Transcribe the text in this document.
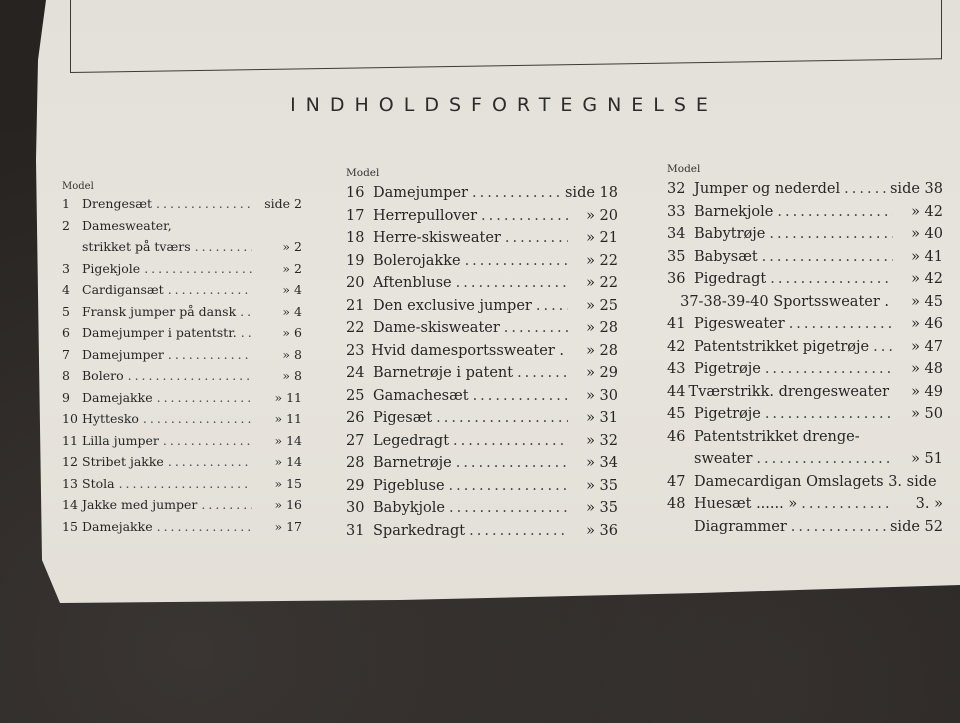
INDHOLDSFORTEGNELSE
Model
1 Drengesæt .....	side 2
2 Damesweater,
strikket på tværs .....	» 2
3 Pigekjole .....	» 2
4 Cardigansæt .....	» 4
5 Fransk jumper på dansk .....	» 4
6 Damejumper i patentstr. .....	» 6
7 Damejumper .....	» 8
8 Bolero .....	» 8
9 Damejakke .....	» 11
10 Hyttesko .....	» 11
11 Lilla jumper .....	» 14
12 Stribet jakke .....	» 14
13 Stola .....	» 15
14 Jakke med jumper .....	» 16
15 Damejakke .....	» 17
Model
16 Damejumper .....	side 18
17 Herrepullover .....	» 20
18 Herre-skisweater .....	» 21
19 Bolerojakke .....	» 22
20 Aftenbluse .....	» 22
21 Den exclusive jumper .....	» 25
22 Dame-skisweater .....	» 28
23 Hvid damesportssweater .	» 28
24 Barnetrøje i patent .....	» 29
25 Gamachesæt .....	» 30
26 Pigesæt .....	» 31
27 Legedragt .....	» 32
28 Barnetrøje .....	» 34
29 Pigebluse .....	» 35
30 Babykjole .....	» 35
31 Sparkedragt .....	» 36
Model
32 Jumper og nederdel .....	side 38
33 Barnekjole .....	» 42
34 Babytrøje .....	» 40
35 Babysæt .....	» 41
36 Pigedragt .....	» 42
37-38-39-40 Sportssweater .	» 45
41 Pigesweater .....	» 46
42 Patentstrikket pigetrøje .....	» 47
43 Pigetrøje .....	» 48
44 Tværstrikk. drengesweater	» 49
45 Pigetrøje .....	» 50
46 Patentstrikket drenge-
sweater .....	» 51
47 Damecardigan Omslagets 3. side
48 Huesæt ...... » .....	3. »
Diagrammer .....	side 52
